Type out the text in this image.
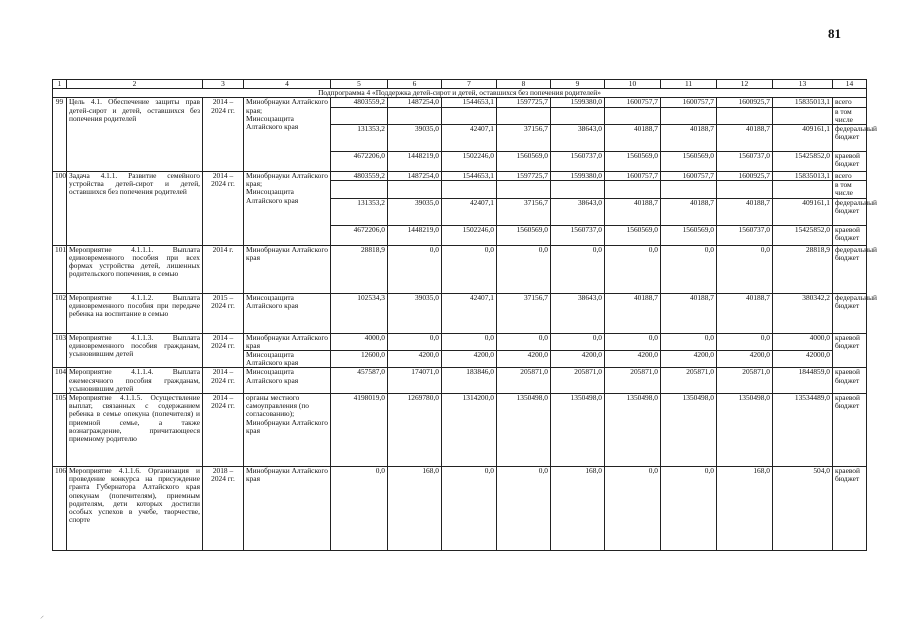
81
1	2	3	4	5	6	7	8	9	10	11	12	13	14
Подпрограмма 4 «Поддержка детей-сирот и детей, оставшихся без попечения родителей»													
99	Цель 4.1. Обеспечение защиты прав детей-сирот и детей, оставшихся без попечения родителей	2014 – 2024 гг.	Минобрнауки Алтайского края;
Минсоцзащита Алтайского края	4803559,2	1487254,0	1544653,1	1597725,7	1599380,0	1600757,7	1600757,7	1600925,7	15835013,1	всего
													в том числе
				131353,2	39035,0	42407,1	37156,7	38643,0	40188,7	40188,7	40188,7	409161,1	федеральный бюджет
				4672206,0	1448219,0	1502246,0	1560569,0	1560737,0	1560569,0	1560569,0	1560737,0	15425852,0	краевой бюджет
100	Задача 4.1.1. Развитие семейного устройства детей-сирот и детей, оставшихся без попечения родителей	2014 – 2024 гг.	Минобрнауки Алтайского края;
Минсоцзащита Алтайского края	4803559,2	1487254,0	1544653,1	1597725,7	1599380,0	1600757,7	1600757,7	1600925,7	15835013,1	всего
													в том числе
				131353,2	39035,0	42407,1	37156,7	38643,0	40188,7	40188,7	40188,7	409161,1	федеральный бюджет
				4672206,0	1448219,0	1502246,0	1560569,0	1560737,0	1560569,0	1560569,0	1560737,0	15425852,0	краевой бюджет
101	Мероприятие 4.1.1.1. Выплата единовременного пособия при всех формах устройства детей, лишенных родительского попечения, в семью	2014 г.	Минобрнауки Алтайского края	28818,9	0,0	0,0	0,0	0,0	0,0	0,0	0,0	28818,9	федеральный бюджет
102	Мероприятие 4.1.1.2. Выплата единовременного пособия при передаче ребенка на воспитание в семью	2015 – 2024 гг.	Минсоцзащита Алтайского края	102534,3	39035,0	42407,1	37156,7	38643,0	40188,7	40188,7	40188,7	380342,2	федеральный бюджет
103	Мероприятие 4.1.1.3. Выплата единовременного пособия гражданам, усыновившим детей	2014 – 2024 гг.	Минобрнауки Алтайского края	4000,0	0,0	0,0	0,0	0,0	0,0	0,0	0,0	4000,0	краевой бюджет
			Минсоцзащита Алтайского края	12600,0	4200,0	4200,0	4200,0	4200,0	4200,0	4200,0	4200,0	42000,0	
104	Мероприятие 4.1.1.4. Выплата ежемесячного пособия гражданам, усыновившим детей	2014 – 2024 гг.	Минсоцзащита Алтайского края	457587,0	174071,0	183846,0	205871,0	205871,0	205871,0	205871,0	205871,0	1844859,0	краевой бюджет
105	Мероприятие 4.1.1.5. Осуществление выплат, связанных с содержанием ребенка в семье опекуна (попечителя) и приемной семье, а также вознаграждение, причитающееся приемному родителю	2014 – 2024 гг.	органы местного самоуправления (по согласованию);
Минобрнауки Алтайского края	4198019,0	1269780,0	1314200,0	1350498,0	1350498,0	1350498,0	1350498,0	1350498,0	13534489,0	краевой бюджет
106	Мероприятие 4.1.1.6. Организация и проведение конкурса на присуждение гранта Губернатора Алтайского края опекунам (попечителям), приемным родителям, дети которых достигли особых успехов в учебе, творчестве, спорте	2018 – 2024 гг.	Минобрнауки Алтайского края	0,0	168,0	0,0	0,0	168,0	0,0	0,0	168,0	504,0	краевой бюджет
⸝
